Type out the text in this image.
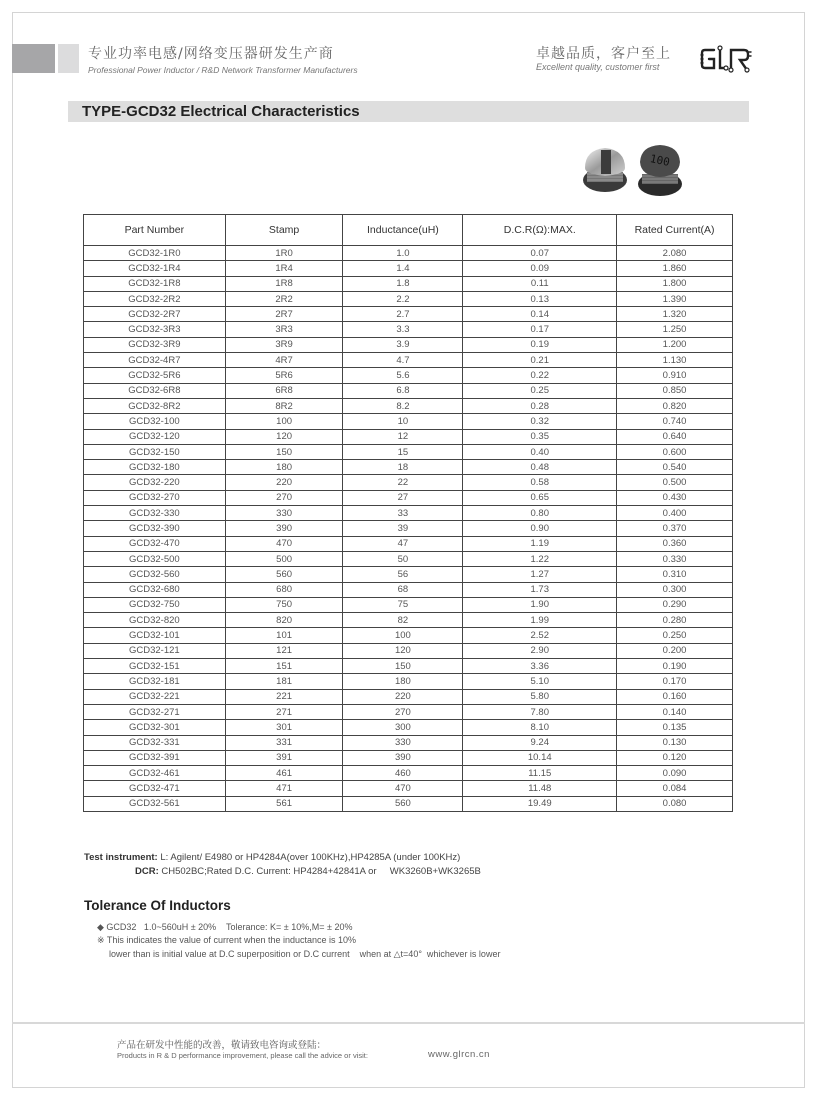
专业功率电感/网络变压器研发生产商
Professional Power Inductor / R&D Network Transformer Manufacturers
卓越品质，客户至上
Excellent quality, customer first
TYPE-GCD32 Electrical Characteristics
100
Part Number	Stamp	Inductance(uH)	D.C.R(Ω):MAX.	Rated Current(A)
GCD32-1R0	1R0	1.0	0.07	2.080
GCD32-1R4	1R4	1.4	0.09	1.860
GCD32-1R8	1R8	1.8	0.11	1.800
GCD32-2R2	2R2	2.2	0.13	1.390
GCD32-2R7	2R7	2.7	0.14	1.320
GCD32-3R3	3R3	3.3	0.17	1.250
GCD32-3R9	3R9	3.9	0.19	1.200
GCD32-4R7	4R7	4.7	0.21	1.130
GCD32-5R6	5R6	5.6	0.22	0.910
GCD32-6R8	6R8	6.8	0.25	0.850
GCD32-8R2	8R2	8.2	0.28	0.820
GCD32-100	100	10	0.32	0.740
GCD32-120	120	12	0.35	0.640
GCD32-150	150	15	0.40	0.600
GCD32-180	180	18	0.48	0.540
GCD32-220	220	22	0.58	0.500
GCD32-270	270	27	0.65	0.430
GCD32-330	330	33	0.80	0.400
GCD32-390	390	39	0.90	0.370
GCD32-470	470	47	1.19	0.360
GCD32-500	500	50	1.22	0.330
GCD32-560	560	56	1.27	0.310
GCD32-680	680	68	1.73	0.300
GCD32-750	750	75	1.90	0.290
GCD32-820	820	82	1.99	0.280
GCD32-101	101	100	2.52	0.250
GCD32-121	121	120	2.90	0.200
GCD32-151	151	150	3.36	0.190
GCD32-181	181	180	5.10	0.170
GCD32-221	221	220	5.80	0.160
GCD32-271	271	270	7.80	0.140
GCD32-301	301	300	8.10	0.135
GCD32-331	331	330	9.24	0.130
GCD32-391	391	390	10.14	0.120
GCD32-461	461	460	11.15	0.090
GCD32-471	471	470	11.48	0.084
GCD32-561	561	560	19.49	0.080
Test instrument: L: Agilent/ E4980 or HP4284A(over 100KHz),HP4285A (under 100KHz)
DCR: CH502BC;Rated D.C. Current: HP4284+42841A or     WK3260B+WK3265B
Tolerance Of Inductors
◆ GCD32   1.0~560uH ± 20%    Tolerance: K= ± 10%,M= ± 20%
※ This indicates the value of current when the inductance is 10%
lower than is initial value at D.C superposition or D.C current    when at △t=40°  whichever is lower
产品在研发中性能的改善，敬请致电咨询或登陆：
Products in R & D performance improvement, please call the advice or visit:	www.glrcn.cn
